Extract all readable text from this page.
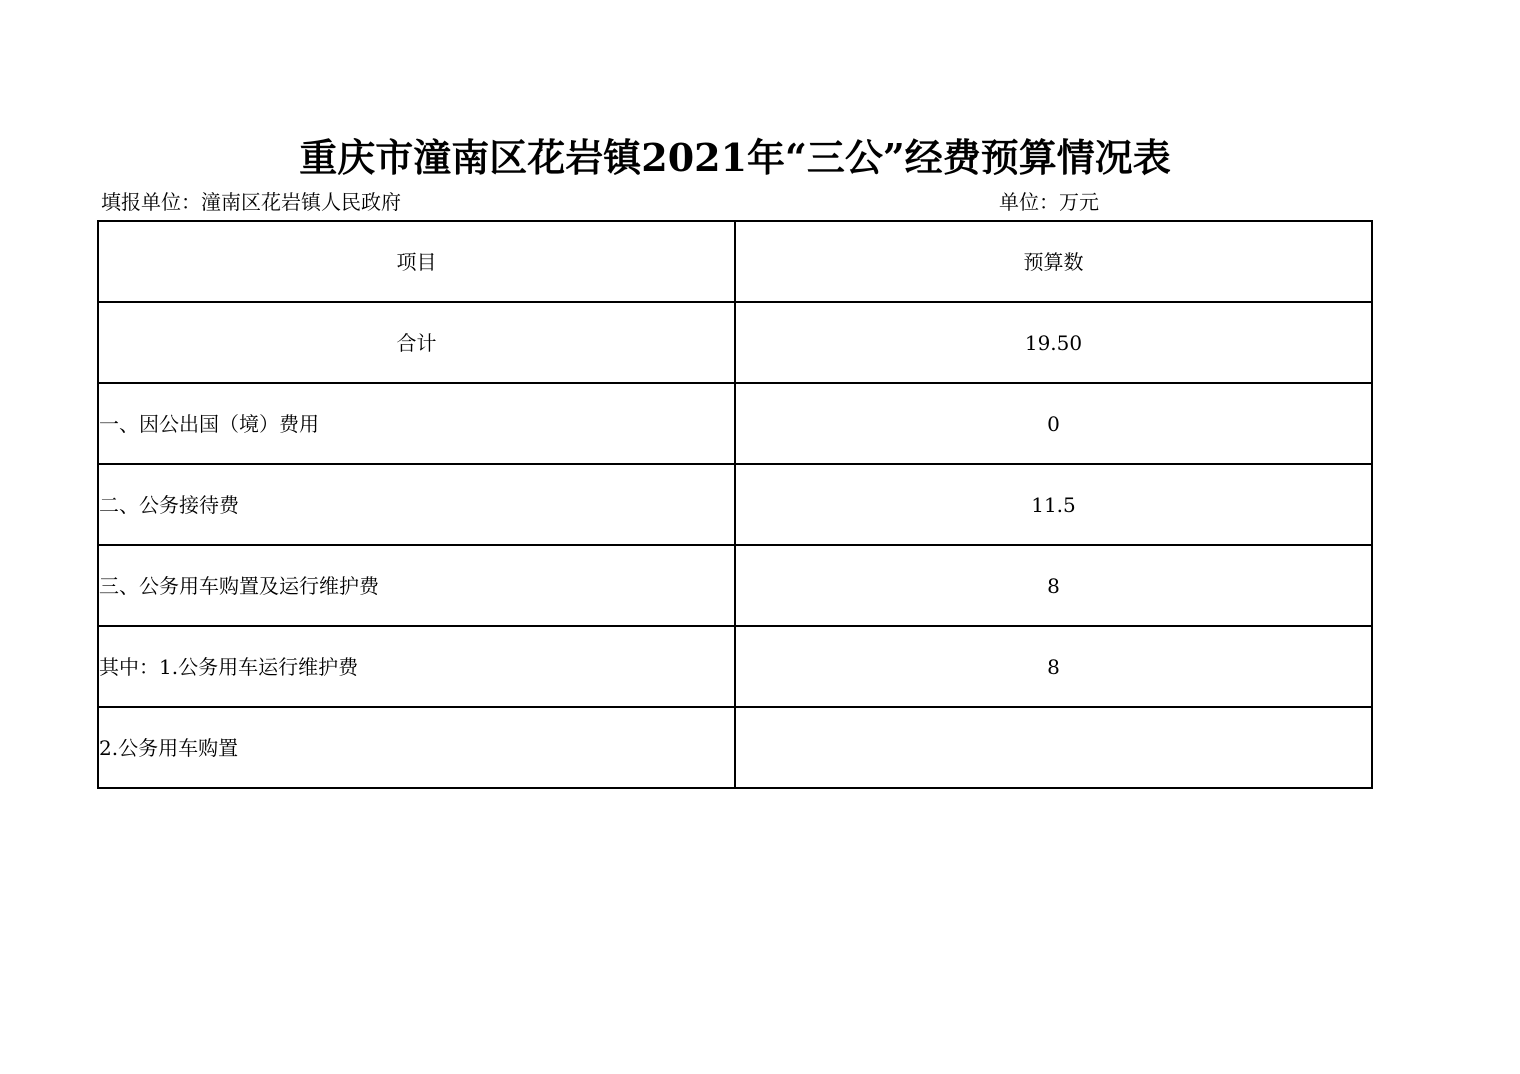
重庆市潼南区花岩镇2021年“三公”经费预算情况表
填报单位：潼南区花岩镇人民政府	单位：万元
项目	预算数
合计	19.50
一、因公出国（境）费用	0
二、公务接待费	11.5
三、公务用车购置及运行维护费	8
其中：1.公务用车运行维护费	8
2.公务用车购置	
